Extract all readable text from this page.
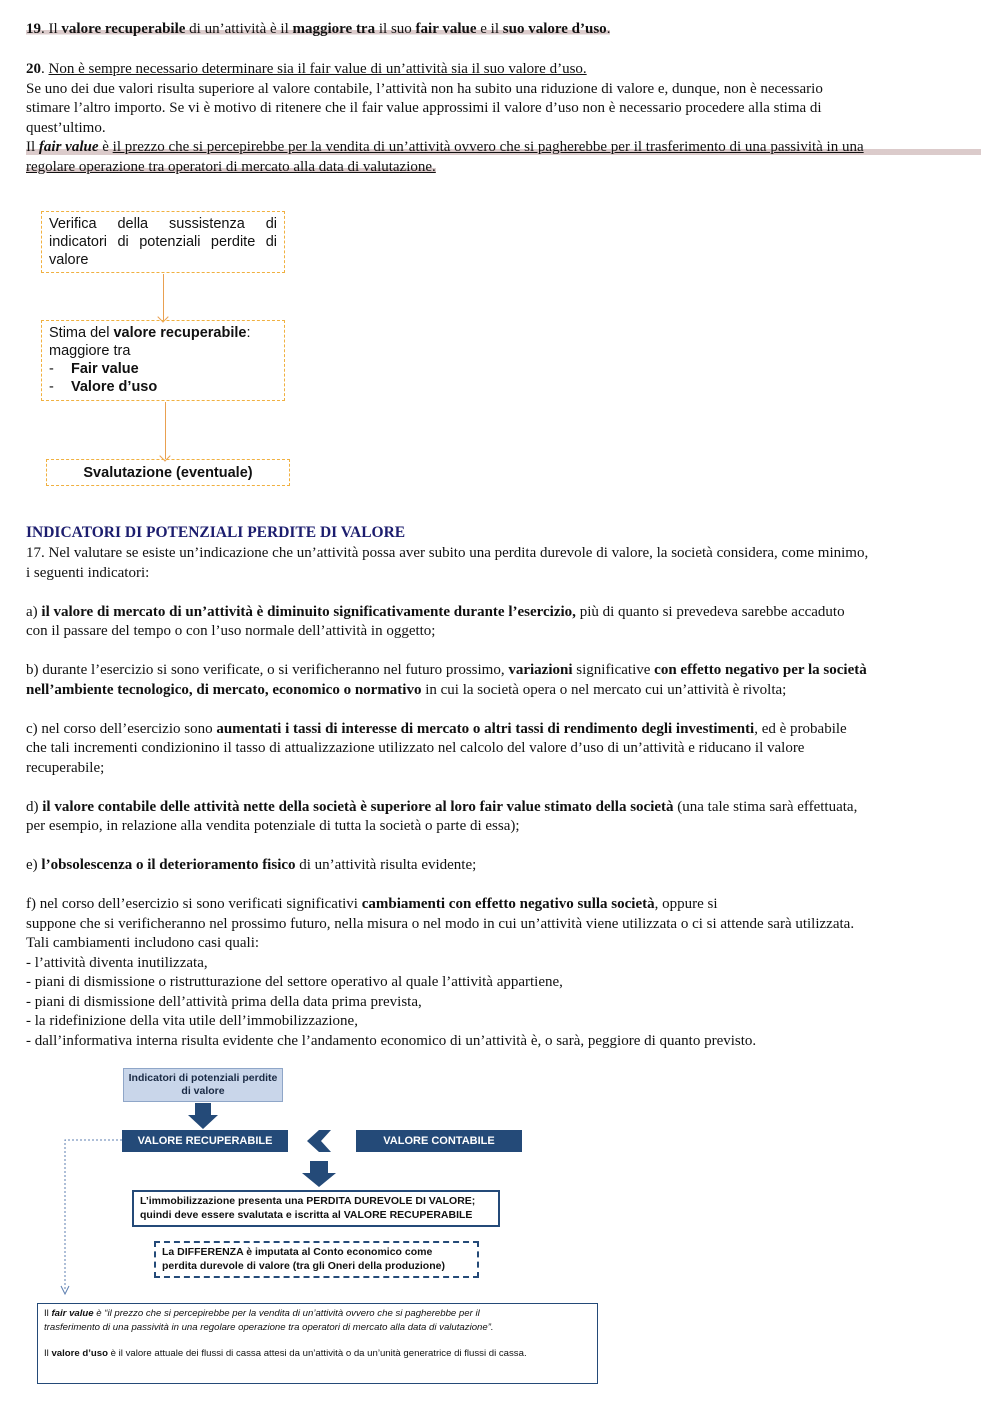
19. Il valore recuperabile di un’attività è il maggiore tra il suo fair value e il suo valore d’uso.
20. Non è sempre necessario determinare sia il fair value di un’attività sia il suo valore d’uso.
Se uno dei due valori risulta superiore al valore contabile, l’attività non ha subito una riduzione di valore e, dunque, non è necessario
stimare l’altro importo. Se vi è motivo di ritenere che il fair value approssimi il valore d’uso non è necessario procedere alla stima di
quest’ultimo.
Il fair value è il prezzo che si percepirebbe per la vendita di un’attività ovvero che si pagherebbe per il trasferimento di una passività in una
regolare operazione tra operatori di mercato alla data di valutazione.
Verifica della sussistenza di indicatori di potenziali perdite di valore
Stima del valore recuperabile:
maggiore tra
- Fair value
- Valore d’uso
Svalutazione (eventuale)
INDICATORI DI POTENZIALI PERDITE DI VALORE
17. Nel valutare se esiste un’indicazione che un’attività possa aver subito una perdita durevole di valore, la società considera, come minimo,
i seguenti indicatori:
a) il valore di mercato di un’attività è diminuito significativamente durante l’esercizio, più di quanto si prevedeva sarebbe accaduto
con il passare del tempo o con l’uso normale dell’attività in oggetto;
b) durante l’esercizio si sono verificate, o si verificheranno nel futuro prossimo, variazioni significative con effetto negativo per la società
nell’ambiente tecnologico, di mercato, economico o normativo in cui la società opera o nel mercato cui un’attività è rivolta;
c) nel corso dell’esercizio sono aumentati i tassi di interesse di mercato o altri tassi di rendimento degli investimenti, ed è probabile
che tali incrementi condizionino il tasso di attualizzazione utilizzato nel calcolo del valore d’uso di un’attività e riducano il valore
recuperabile;
d) il valore contabile delle attività nette della società è superiore al loro fair value stimato della società (una tale stima sarà effettuata,
per esempio, in relazione alla vendita potenziale di tutta la società o parte di essa);
e) l’obsolescenza o il deterioramento fisico di un’attività risulta evidente;
f) nel corso dell’esercizio si sono verificati significativi cambiamenti con effetto negativo sulla società, oppure si
suppone che si verificheranno nel prossimo futuro, nella misura o nel modo in cui un’attività viene utilizzata o ci si attende sarà utilizzata.
Tali cambiamenti includono casi quali:
- l’attività diventa inutilizzata,
- piani di dismissione o ristrutturazione del settore operativo al quale l’attività appartiene,
- piani di dismissione dell’attività prima della data prima prevista,
- la ridefinizione della vita utile dell’immobilizzazione,
- dall’informativa interna risulta evidente che l’andamento economico di un’attività è, o sarà, peggiore di quanto previsto.
Indicatori di potenziali perdite di valore
VALORE RECUPERABILE	VALORE CONTABILE
L’immobilizzazione presenta una PERDITA DUREVOLE DI VALORE;
quindi deve essere svalutata e iscritta al VALORE RECUPERABILE
La DIFFERENZA è imputata al Conto economico come
perdita durevole di valore (tra gli Oneri della produzione)
Il fair value è “il prezzo che si percepirebbe per la vendita di un’attività ovvero che si pagherebbe per il
trasferimento di una passività in una regolare operazione tra operatori di mercato alla data di valutazione”.
Il valore d’uso è il valore attuale dei flussi di cassa attesi da un’attività o da un’unità generatrice di flussi di cassa.
